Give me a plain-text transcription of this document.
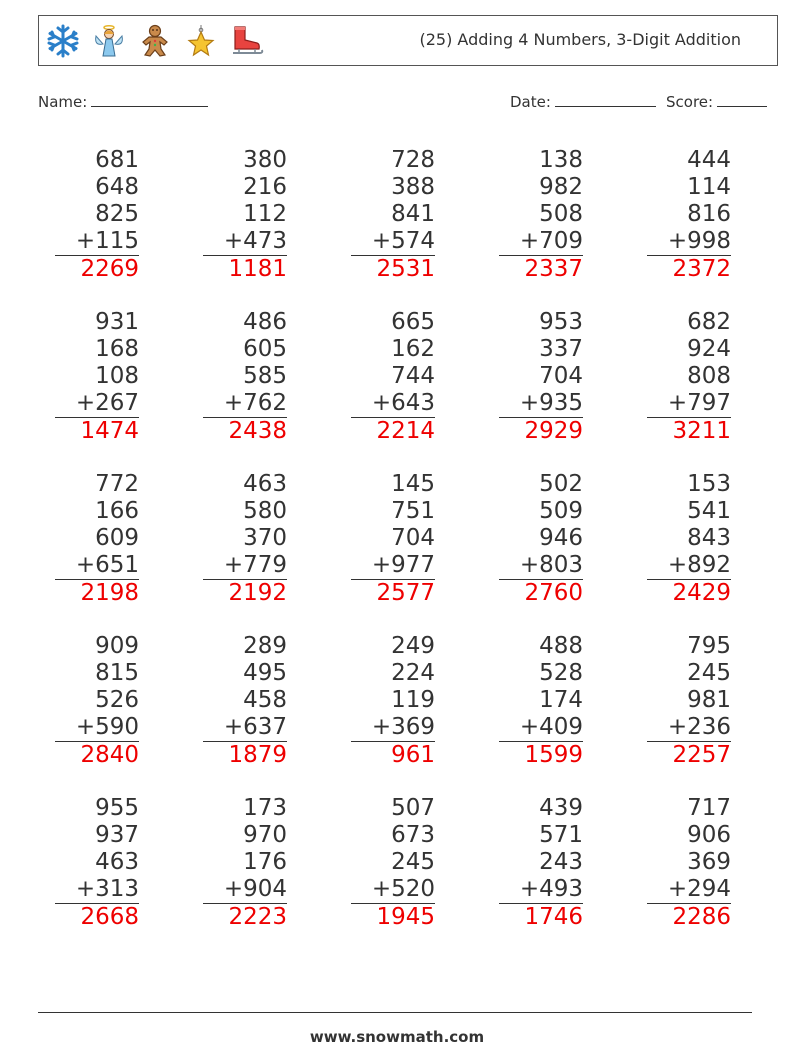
(25) Adding 4 Numbers, 3-Digit Addition
Name:	Date:	Score:
681
648
825
+115
2269
380
216
112
+473
1181
728
388
841
+574
2531
138
982
508
+709
2337
444
114
816
+998
2372
931
168
108
+267
1474
486
605
585
+762
2438
665
162
744
+643
2214
953
337
704
+935
2929
682
924
808
+797
3211
772
166
609
+651
2198
463
580
370
+779
2192
145
751
704
+977
2577
502
509
946
+803
2760
153
541
843
+892
2429
909
815
526
+590
2840
289
495
458
+637
1879
249
224
119
+369
961
488
528
174
+409
1599
795
245
981
+236
2257
955
937
463
+313
2668
173
970
176
+904
2223
507
673
245
+520
1945
439
571
243
+493
1746
717
906
369
+294
2286
www.snowmath.com
